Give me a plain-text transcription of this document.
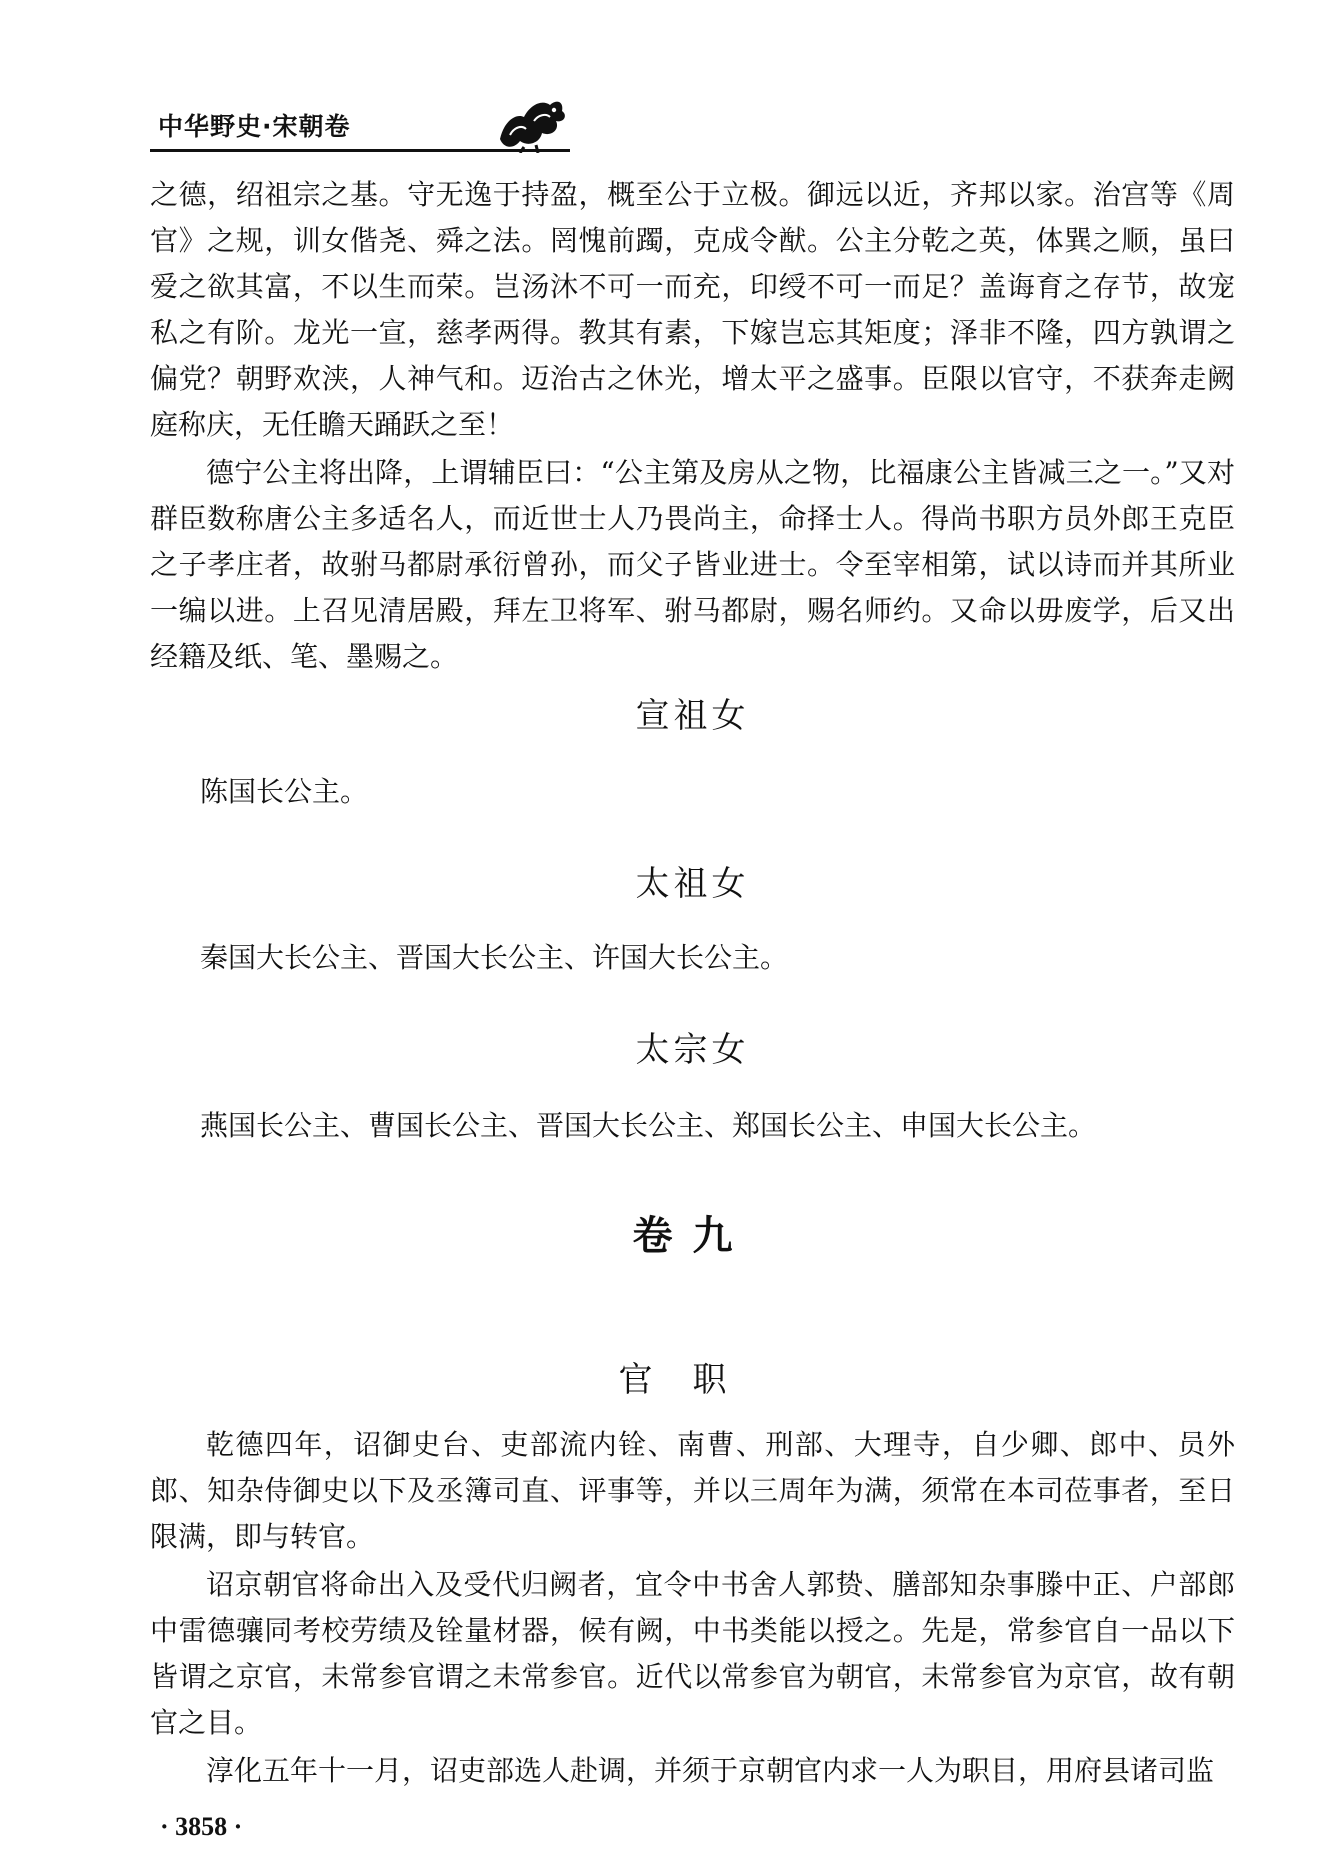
中华野史·宋朝卷

之德，绍祖宗之基。守无逸于持盈，概至公于立极。御远以近，齐邦以家。治宫等《周官》之规，训女偕尧、舜之法。罔愧前躅，克成令猷。公主分乾之英，体巽之顺，虽曰爱之欲其富，不以生而荣。岂汤沐不可一而充，印绶不可一而足？盖诲育之存节，故宠私之有阶。龙光一宣，慈孝两得。教其有素，下嫁岂忘其矩度；泽非不隆，四方孰谓之偏党？朝野欢浃，人神气和。迈治古之休光，增太平之盛事。臣限以官守，不获奔走阙庭称庆，无任瞻天踊跃之至！

德宁公主将出降，上谓辅臣曰：“公主第及房从之物，比福康公主皆减三之一。”又对群臣数称唐公主多适名人，而近世士人乃畏尚主，命择士人。得尚书职方员外郎王克臣之子孝庄者，故驸马都尉承衍曾孙，而父子皆业进士。令至宰相第，试以诗而并其所业一编以进。上召见清居殿，拜左卫将军、驸马都尉，赐名师约。又命以毋废学，后又出经籍及纸、笔、墨赐之。

宣祖女
陈国长公主。
太祖女
秦国大长公主、晋国大长公主、许国大长公主。
太宗女
燕国长公主、曹国长公主、晋国大长公主、郑国长公主、申国大长公主。
卷九
官职

乾德四年，诏御史台、吏部流内铨、南曹、刑部、大理寺，自少卿、郎中、员外郎、知杂侍御史以下及丞簿司直、评事等，并以三周年为满，须常在本司莅事者，至日限满，即与转官。

诏京朝官将命出入及受代归阙者，宜令中书舍人郭贽、膳部知杂事滕中正、户部郎中雷德骧同考校劳绩及铨量材器，候有阙，中书类能以授之。先是，常参官自一品以下皆谓之京官，未常参官谓之未常参官。近代以常参官为朝官，未常参官为京官，故有朝官之目。

淳化五年十一月，诏吏部选人赴调，并须于京朝官内求一人为职目，用府县诸司监

· 3858 ·
